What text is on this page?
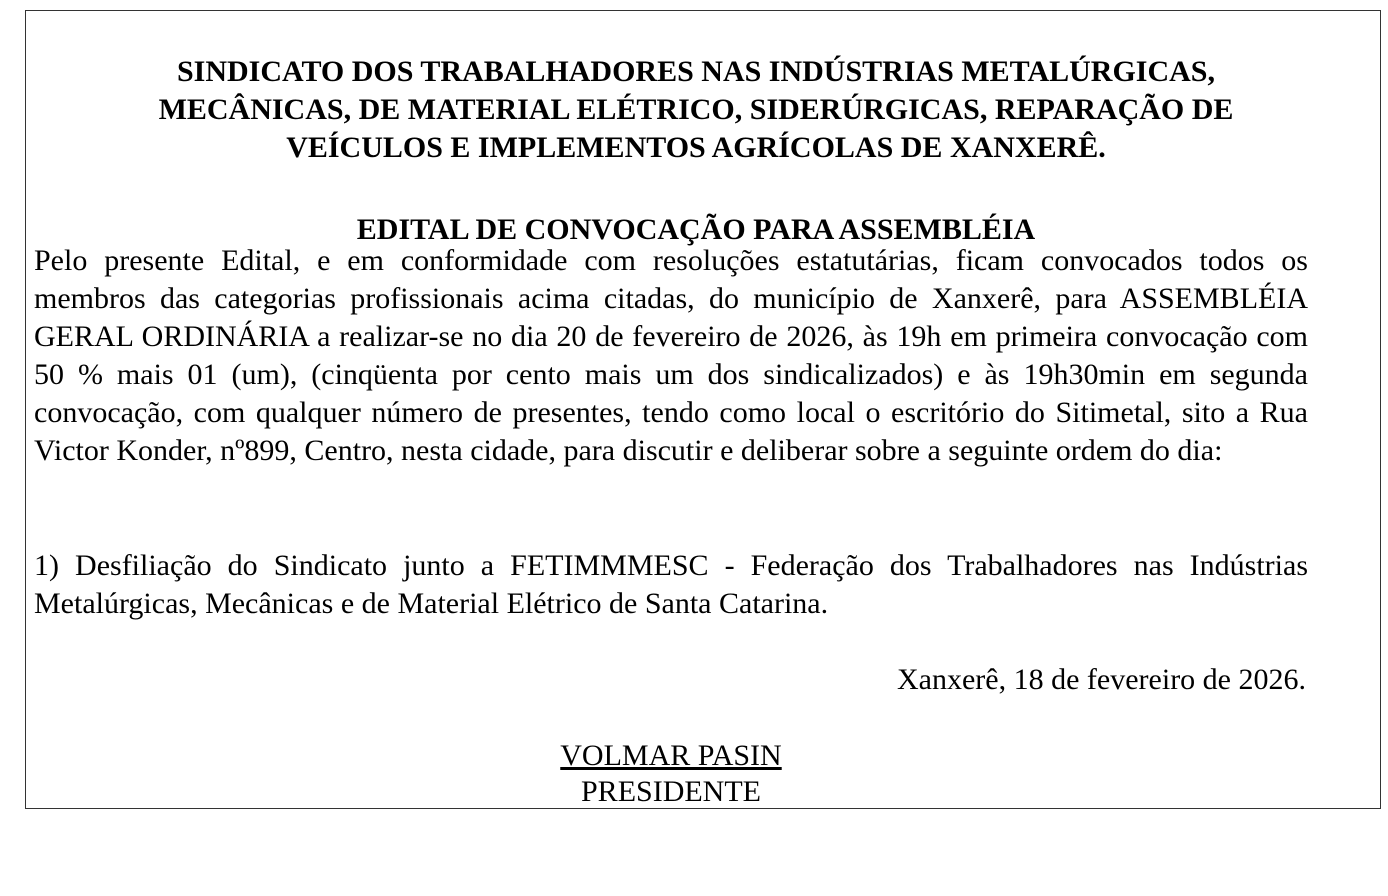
SINDICATO DOS TRABALHADORES NAS INDÚSTRIAS METALÚRGICAS,
MECÂNICAS, DE MATERIAL ELÉTRICO, SIDERÚRGICAS, REPARAÇÃO DE
VEÍCULOS E IMPLEMENTOS AGRÍCOLAS DE XANXERÊ.
EDITAL DE CONVOCAÇÃO PARA ASSEMBLÉIA

Pelo presente Edital, e em conformidade com resoluções estatutárias, ficam convocados todos os membros das categorias profissionais acima citadas, do município de Xanxerê, para ASSEMBLÉIA GERAL ORDINÁRIA a realizar-se no dia 20 de fevereiro de 2026, às 19h em primeira convocação com 50 % mais 01 (um), (cinqüenta por cento mais um dos sindicalizados) e às 19h30min em segunda convocação, com qualquer número de presentes, tendo como local o escritório do Sitimetal, sito a Rua Victor Konder, nº899, Centro, nesta cidade, para discutir e deliberar sobre a seguinte ordem do dia:

1) Desfiliação do Sindicato junto a FETIMMMESC - Federação dos Trabalhadores nas Indústrias Metalúrgicas, Mecânicas e de Material Elétrico de Santa Catarina.

Xanxerê, 18 de fevereiro de 2026.

VOLMAR PASIN
PRESIDENTE
